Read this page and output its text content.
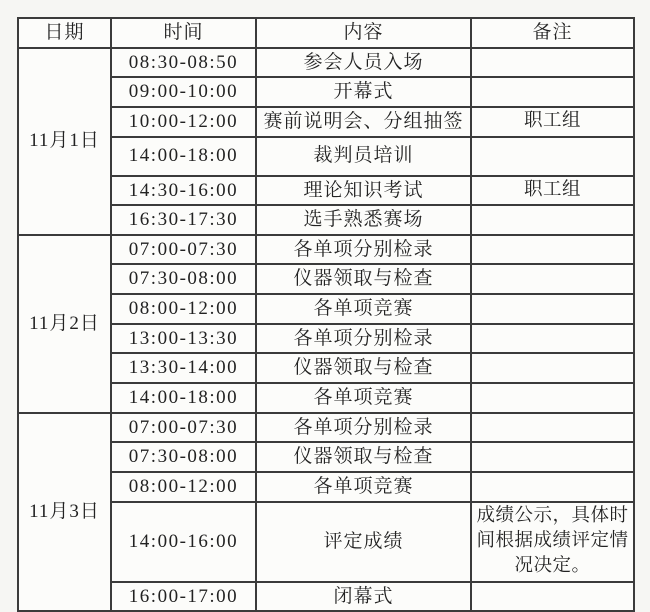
日期	时间	内容	备注
11月1日	08:30-08:50	参会人员入场	
	09:00-10:00	开幕式	
	10:00-12:00	赛前说明会、分组抽签	职工组
	14:00-18:00	裁判员培训	
	14:30-16:00	理论知识考试	职工组
	16:30-17:30	选手熟悉赛场	
11月2日	07:00-07:30	各单项分别检录	
	07:30-08:00	仪器领取与检查	
	08:00-12:00	各单项竞赛	
	13:00-13:30	各单项分别检录	
	13:30-14:00	仪器领取与检查	
	14:00-18:00	各单项竞赛	
11月3日	07:00-07:30	各单项分别检录	
	07:30-08:00	仪器领取与检查	
	08:00-12:00	各单项竞赛	
	14:00-16:00	评定成绩	成绩公示，具体时间根据成绩评定情况决定。
	16:00-17:00	闭幕式	
